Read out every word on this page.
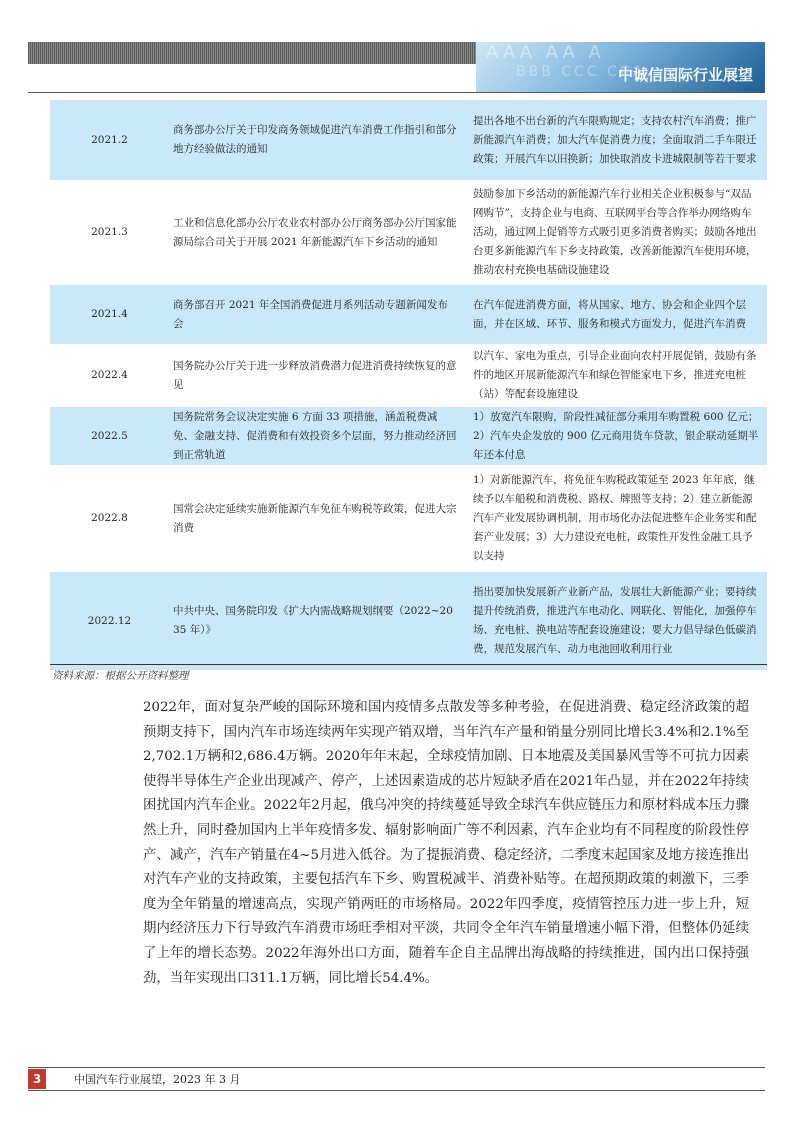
AAA AA A
BBB CCC CCA
中诚信国际行业展望
2021.2	商务部办公厅关于印发商务领域促进汽车消费工作指引和部分地方经验做法的通知	提出各地不出台新的汽车限购规定；支持农村汽车消费；推广新能源汽车消费；加大汽车促消费力度；全面取消二手车限迁政策；开展汽车以旧换新；加快取消皮卡进城限制等若干要求

2021.3	工业和信息化部办公厅农业农村部办公厅商务部办公厅国家能源局综合司关于开展 2021 年新能源汽车下乡活动的通知	鼓励参加下乡活动的新能源汽车行业相关企业积极参与“双品网购节”，支持企业与电商、互联网平台等合作举办网络购车活动，通过网上促销等方式吸引更多消费者购买；鼓励各地出台更多新能源汽车下乡支持政策，改善新能源汽车使用环境，推动农村充换电基础设施建设

2021.4	商务部召开 2021 年全国消费促进月系列活动专题新闻发布会	在汽车促进消费方面，将从国家、地方、协会和企业四个层面，并在区域、环节、服务和模式方面发力，促进汽车消费

2022.4	国务院办公厅关于进一步释放消费潜力促进消费持续恢复的意见	以汽车、家电为重点，引导企业面向农村开展促销，鼓励有条件的地区开展新能源汽车和绿色智能家电下乡，推进充电桩（站）等配套设施建设

2022.5	国务院常务会议决定实施 6 方面 33 项措施，涵盖税费减免、金融支持、促消费和有效投资多个层面，努力推动经济回到正常轨道	1）放宽汽车限购，阶段性减征部分乘用车购置税 600 亿元；2）汽车央企发放的 900 亿元商用货车贷款，银企联动延期半年还本付息

2022.8	国常会决定延续实施新能源汽车免征车购税等政策，促进大宗消费	1）对新能源汽车，将免征车购税政策延至 2023 年年底，继续予以车船税和消费税、路权、牌照等支持；2）建立新能源汽车产业发展协调机制，用市场化办法促进整车企业务实和配套产业发展；3）大力建设充电桩，政策性开发性金融工具予以支持

2022.12	中共中央、国务院印发《扩大内需战略规划纲要（2022~2035 年）》	指出要加快发展新产业新产品，发展壮大新能源产业；要持续提升传统消费，推进汽车电动化、网联化、智能化，加强停车场、充电桩、换电站等配套设施建设；要大力倡导绿色低碳消费，规范发展汽车、动力电池回收利用行业
资料来源：根据公开资料整理
2022年，面对复杂严峻的国际环境和国内疫情多点散发等多种考验，在促进消费、稳定经济政策的超预期支持下，国内汽车市场连续两年实现产销双增，当年汽车产量和销量分别同比增长3.4%和2.1%至2,702.1万辆和2,686.4万辆。2020年年末起，全球疫情加剧、日本地震及美国暴风雪等不可抗力因素使得半导体生产企业出现减产、停产，上述因素造成的芯片短缺矛盾在2021年凸显，并在2022年持续困扰国内汽车企业。2022年2月起，俄乌冲突的持续蔓延导致全球汽车供应链压力和原材料成本压力骤然上升，同时叠加国内上半年疫情多发、辐射影响面广等不利因素，汽车企业均有不同程度的阶段性停产、减产，汽车产销量在4~5月进入低谷。为了提振消费、稳定经济，二季度末起国家及地方接连推出对汽车产业的支持政策，主要包括汽车下乡、购置税减半、消费补贴等。在超预期政策的刺激下，三季度为全年销量的增速高点，实现产销两旺的市场格局。2022年四季度，疫情管控压力进一步上升，短期内经济压力下行导致汽车消费市场旺季相对平淡，共同令全年汽车销量增速小幅下滑，但整体仍延续了上年的增长态势。2022年海外出口方面，随着车企自主品牌出海战略的持续推进，国内出口保持强劲，当年实现出口311.1万辆，同比增长54.4%。
3	中国汽车行业展望，2023 年 3 月
